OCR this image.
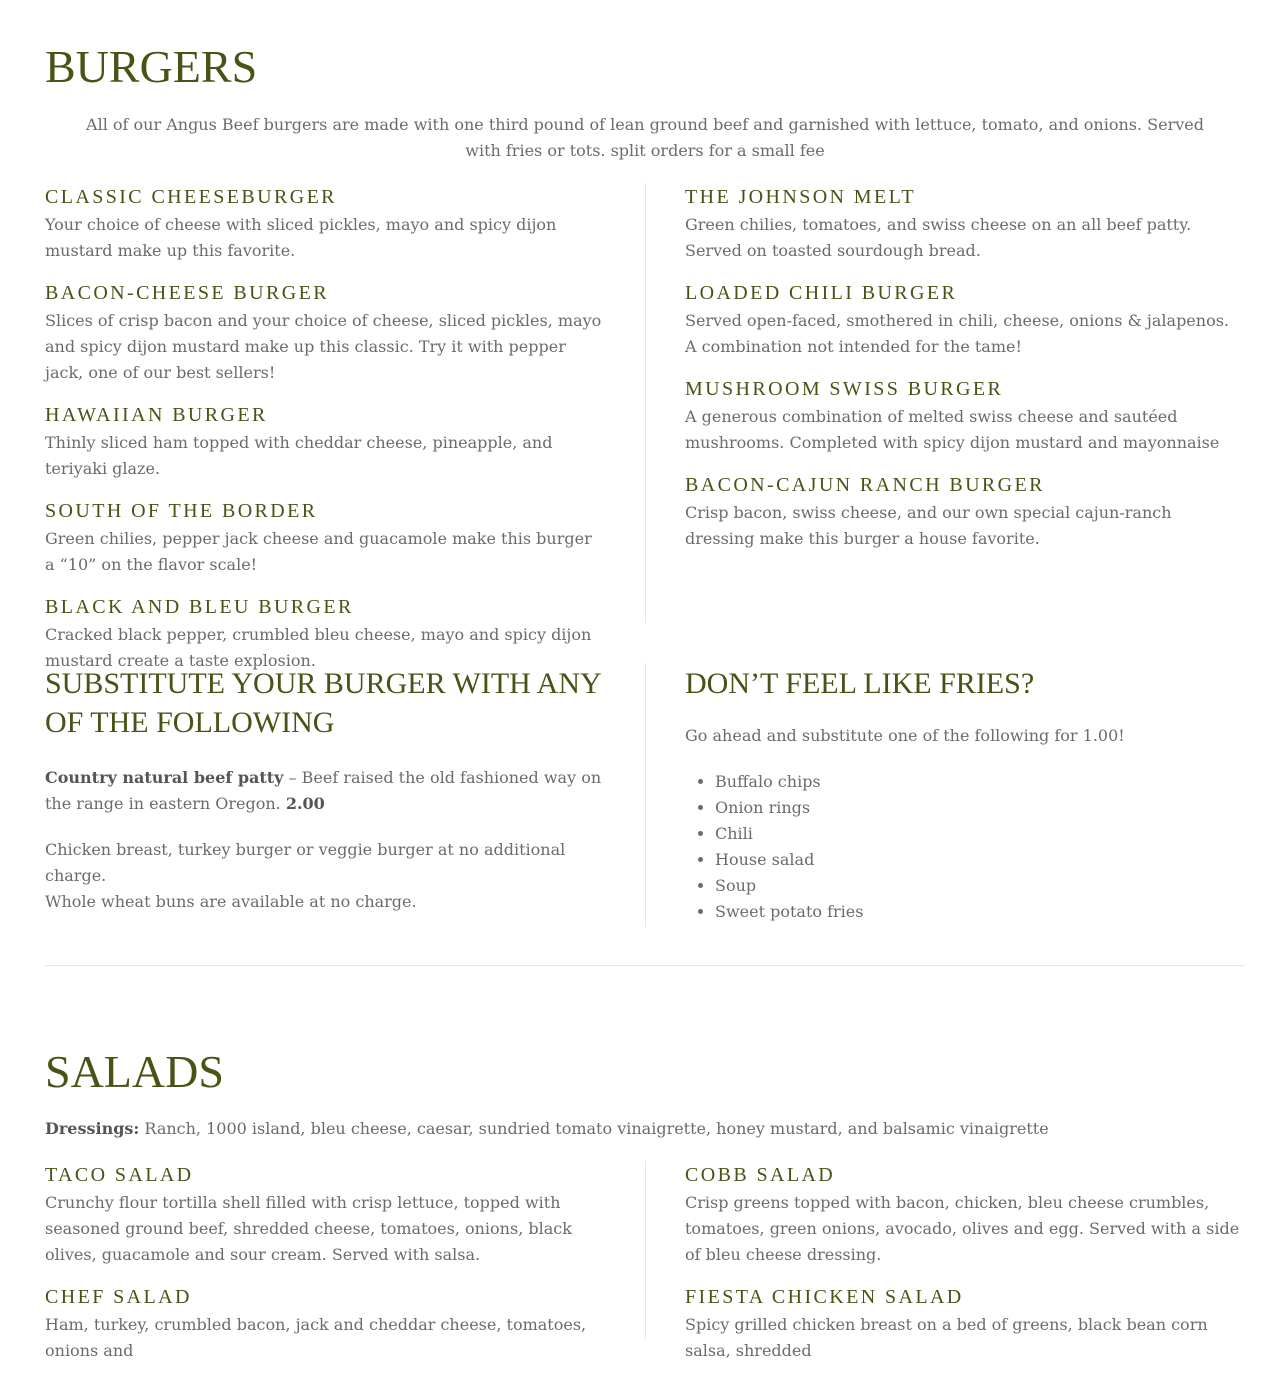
BURGERS

All of our Angus Beef burgers are made with one third pound of lean ground beef and garnished with lettuce, tomato, and onions. Served with fries or tots. split orders for a small fee

CLASSIC CHEESEBURGER

Your choice of cheese with sliced pickles, mayo and spicy dijon mustard make up this favorite.

BACON-CHEESE BURGER

Slices of crisp bacon and your choice of cheese, sliced pickles, mayo and spicy dijon mustard make up this classic. Try it with pepper jack, one of our best sellers!

HAWAIIAN BURGER

Thinly sliced ham topped with cheddar cheese, pineapple, and teriyaki glaze.

SOUTH OF THE BORDER

Green chilies, pepper jack cheese and guacamole make this burger a “10” on the flavor scale!

BLACK AND BLEU BURGER

Cracked black pepper, crumbled bleu cheese, mayo and spicy dijon mustard create a taste explosion.

THE JOHNSON MELT

Green chilies, tomatoes, and swiss cheese on an all beef patty. Served on toasted sourdough bread.

LOADED CHILI BURGER

Served open-faced, smothered in chili, cheese, onions & jalapenos. A combination not intended for the tame!

MUSHROOM SWISS BURGER

A generous combination of melted swiss cheese and sautéed mushrooms. Completed with spicy dijon mustard and mayonnaise

BACON-CAJUN RANCH BURGER

Crisp bacon, swiss cheese, and our own special cajun-ranch dressing make this burger a house favorite.

SUBSTITUTE YOUR BURGER WITH ANY OF THE FOLLOWING

Country natural beef patty – Beef raised the old fashioned way on the range in eastern Oregon. 2.00

Chicken breast, turkey burger or veggie burger at no additional charge.
Whole wheat buns are available at no charge.

DON’T FEEL LIKE FRIES?

Go ahead and substitute one of the following for 1.00!

• Buffalo chips
• Onion rings
• Chili
• House salad
• Soup
• Sweet potato fries
SALADS

Dressings: Ranch, 1000 island, bleu cheese, caesar, sundried tomato vinaigrette, honey mustard, and balsamic vinaigrette

TACO SALAD

Crunchy flour tortilla shell filled with crisp lettuce, topped with seasoned ground beef, shredded cheese, tomatoes, onions, black olives, guacamole and sour cream. Served with salsa.

CHEF SALAD

Ham, turkey, crumbled bacon, jack and cheddar cheese, tomatoes, onions and

COBB SALAD

Crisp greens topped with bacon, chicken, bleu cheese crumbles, tomatoes, green onions, avocado, olives and egg. Served with a side of bleu cheese dressing.

FIESTA CHICKEN SALAD

Spicy grilled chicken breast on a bed of greens, black bean corn salsa, shredded
